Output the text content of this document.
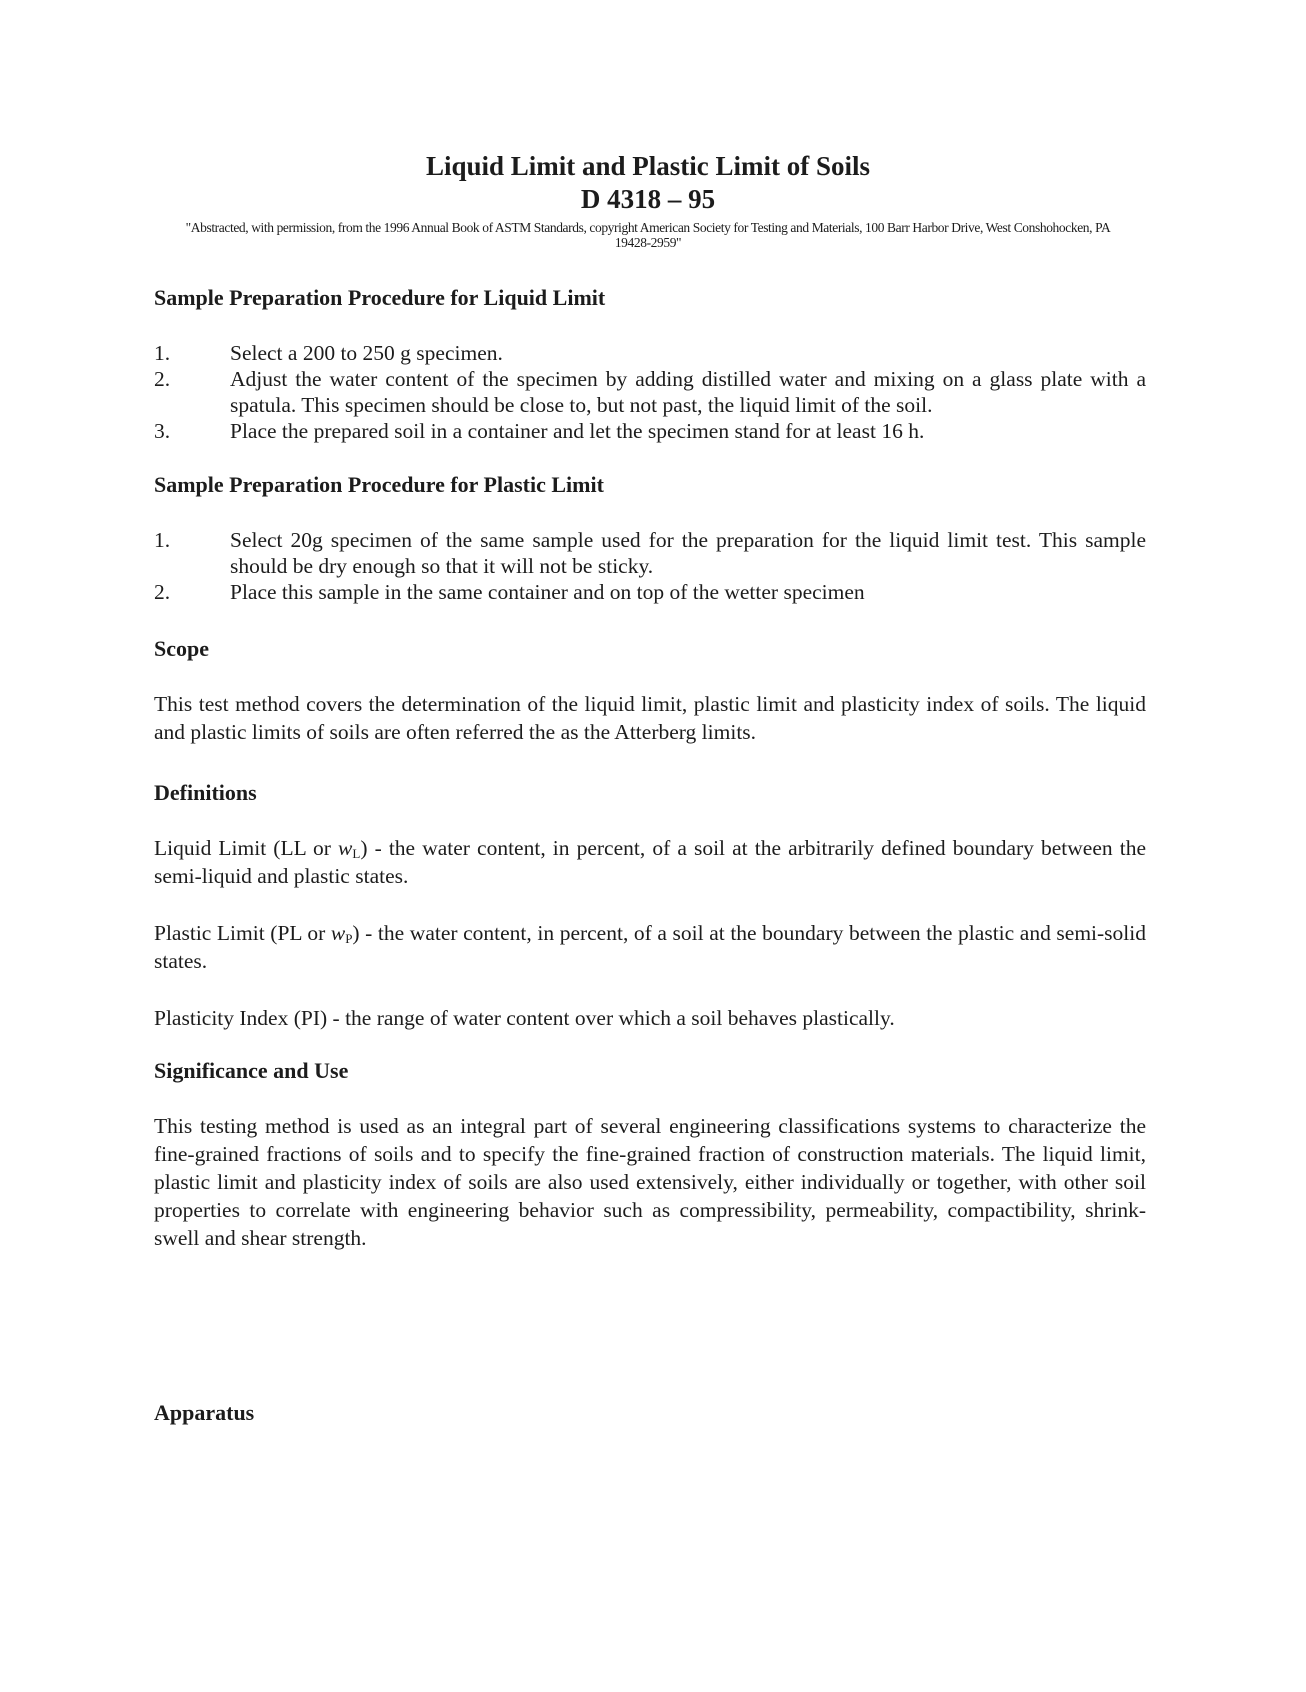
Liquid Limit and Plastic Limit of Soils
D 4318 – 95
"Abstracted, with permission, from the 1996 Annual Book of ASTM Standards, copyright American Society for Testing and Materials, 100 Barr Harbor Drive, West Conshohocken, PA 19428-2959"
Sample Preparation Procedure for Liquid Limit
1.	Select a 200 to 250 g specimen.
2.	Adjust the water content of the specimen by adding distilled water and mixing on a glass plate with a spatula. This specimen should be close to, but not past, the liquid limit of the soil.
3.	Place the prepared soil in a container and let the specimen stand for at least 16 h.
Sample Preparation Procedure for Plastic Limit
1.	Select 20g specimen of the same sample used for the preparation for the liquid limit test. This sample should be dry enough so that it will not be sticky.
2.	Place this sample in the same container and on top of the wetter specimen
Scope
This test method covers the determination of the liquid limit, plastic limit and plasticity index of soils. The liquid and plastic limits of soils are often referred the as the Atterberg limits.
Definitions
Liquid Limit (LL or $w_L$) - the water content, in percent, of a soil at the arbitrarily defined boundary between the semi-liquid and plastic states.
Plastic Limit (PL or $w_P$) - the water content, in percent, of a soil at the boundary between the plastic and semi-solid states.
Plasticity Index (PI) - the range of water content over which a soil behaves plastically.
Significance and Use
This testing method is used as an integral part of several engineering classifications systems to characterize the fine-grained fractions of soils and to specify the fine-grained fraction of construction materials. The liquid limit, plastic limit and plasticity index of soils are also used extensively, either individually or together, with other soil properties to correlate with engineering behavior such as compressibility, permeability, compactibility, shrink-swell and shear strength.
Apparatus
